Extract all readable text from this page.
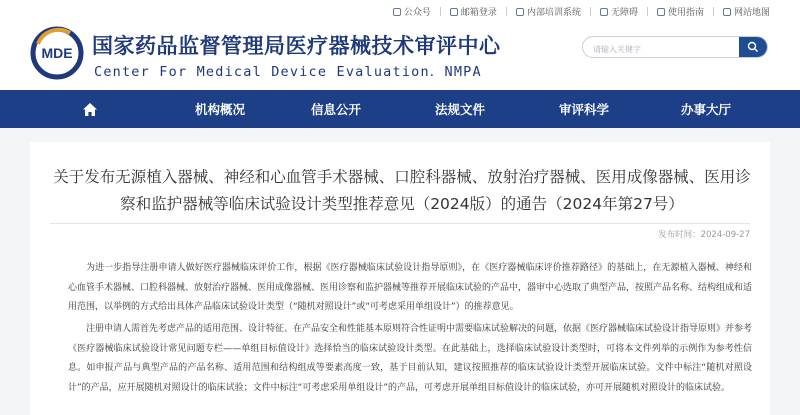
公众号	邮箱登录	内部培训系统	无障碍	使用指南	网站地图
MDE 国家药品监督管理局医疗器械技术审评中心
Center For Medical Device Evaluation．NMPA
请输入关键字
机构概况	信息公开	法规文件	审评科学	办事大厅
关于发布无源植入器械、神经和心血管手术器械、口腔科器械、放射治疗器械、医用成像器械、医用诊察和监护器械等临床试验设计类型推荐意见（2024版）的通告（2024年第27号）
发布时间：2024-09-27

为进一步指导注册申请人做好医疗器械临床评价工作，根据《医疗器械临床试验设计指导原则》，在《医疗器械临床评价推荐路径》的基础上，在无源植入器械、神经和心血管手术器械、口腔科器械、放射治疗器械、医用成像器械、医用诊察和监护器械等推荐开展临床试验的产品中，器审中心选取了典型产品，按照产品名称、结构组成和适用范围，以举例的方式给出具体产品临床试验设计类型（“随机对照设计”或“可考虑采用单组设计”）的推荐意见。

注册申请人需首先考虑产品的适用范围、设计特征、在产品安全和性能基本原则符合性证明中需要临床试验解决的问题，依据《医疗器械临床试验设计指导原则》并参考《医疗器械临床试验设计常见问题专栏——单组目标值设计》选择恰当的临床试验设计类型。在此基础上，选择临床试验设计类型时，可将本文件列举的示例作为参考性信息。如申报产品与典型产品的产品名称、适用范围和结构组成等要素高度一致，基于目前认知，建议按照推荐的临床试验设计类型开展临床试验。文件中标注“随机对照设计”的产品，应开展随机对照设计的临床试验；文件中标注“可考虑采用单组设计”的产品，可考虑开展单组目标值设计的临床试验，亦可开展随机对照设计的临床试验。
